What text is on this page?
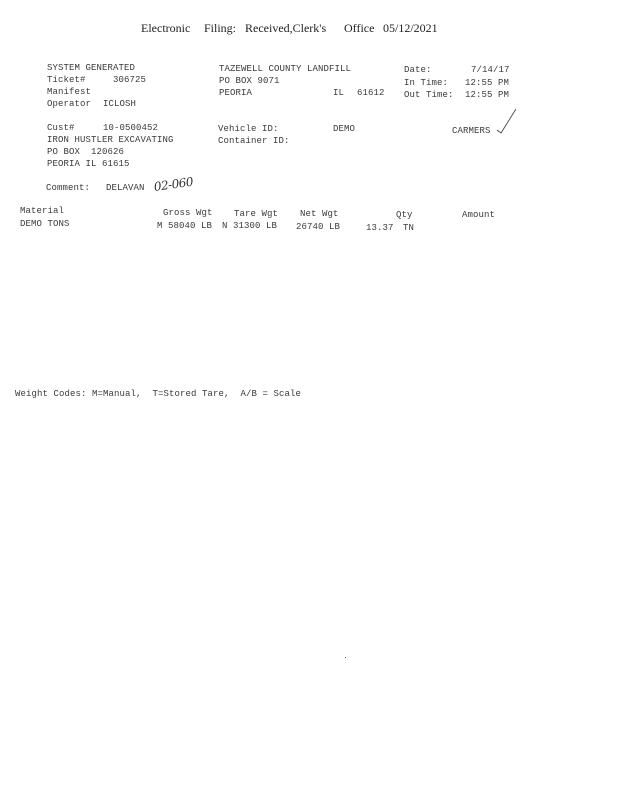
Electronic Filing: Received,Clerk's Office 05/12/2021
SYSTEM GENERATED
Ticket#	306725
Manifest
Operator ICLOSH
TAZEWELL COUNTY LANDFILL
PO BOX 9071
PEORIA	IL 61612
Date:	7/14/17
In Time: 12:55 PM
Out Time: 12:55 PM
Cust#	10-0500452
IRON HUSTLER EXCAVATING
PO BOX  120626
PEORIA IL 61615
Vehicle ID:	DEMO
Container ID:
CARMERS
Comment: DELAVAN 02-060
Material	Gross Wgt Tare Wgt Net Wgt	Qty	Amount
DEMO TONS	M 58040 LB N 31300 LB 26740 LB	13.37 TN
Weight Codes: M=Manual,  T=Stored Tare,  A/B = Scale
